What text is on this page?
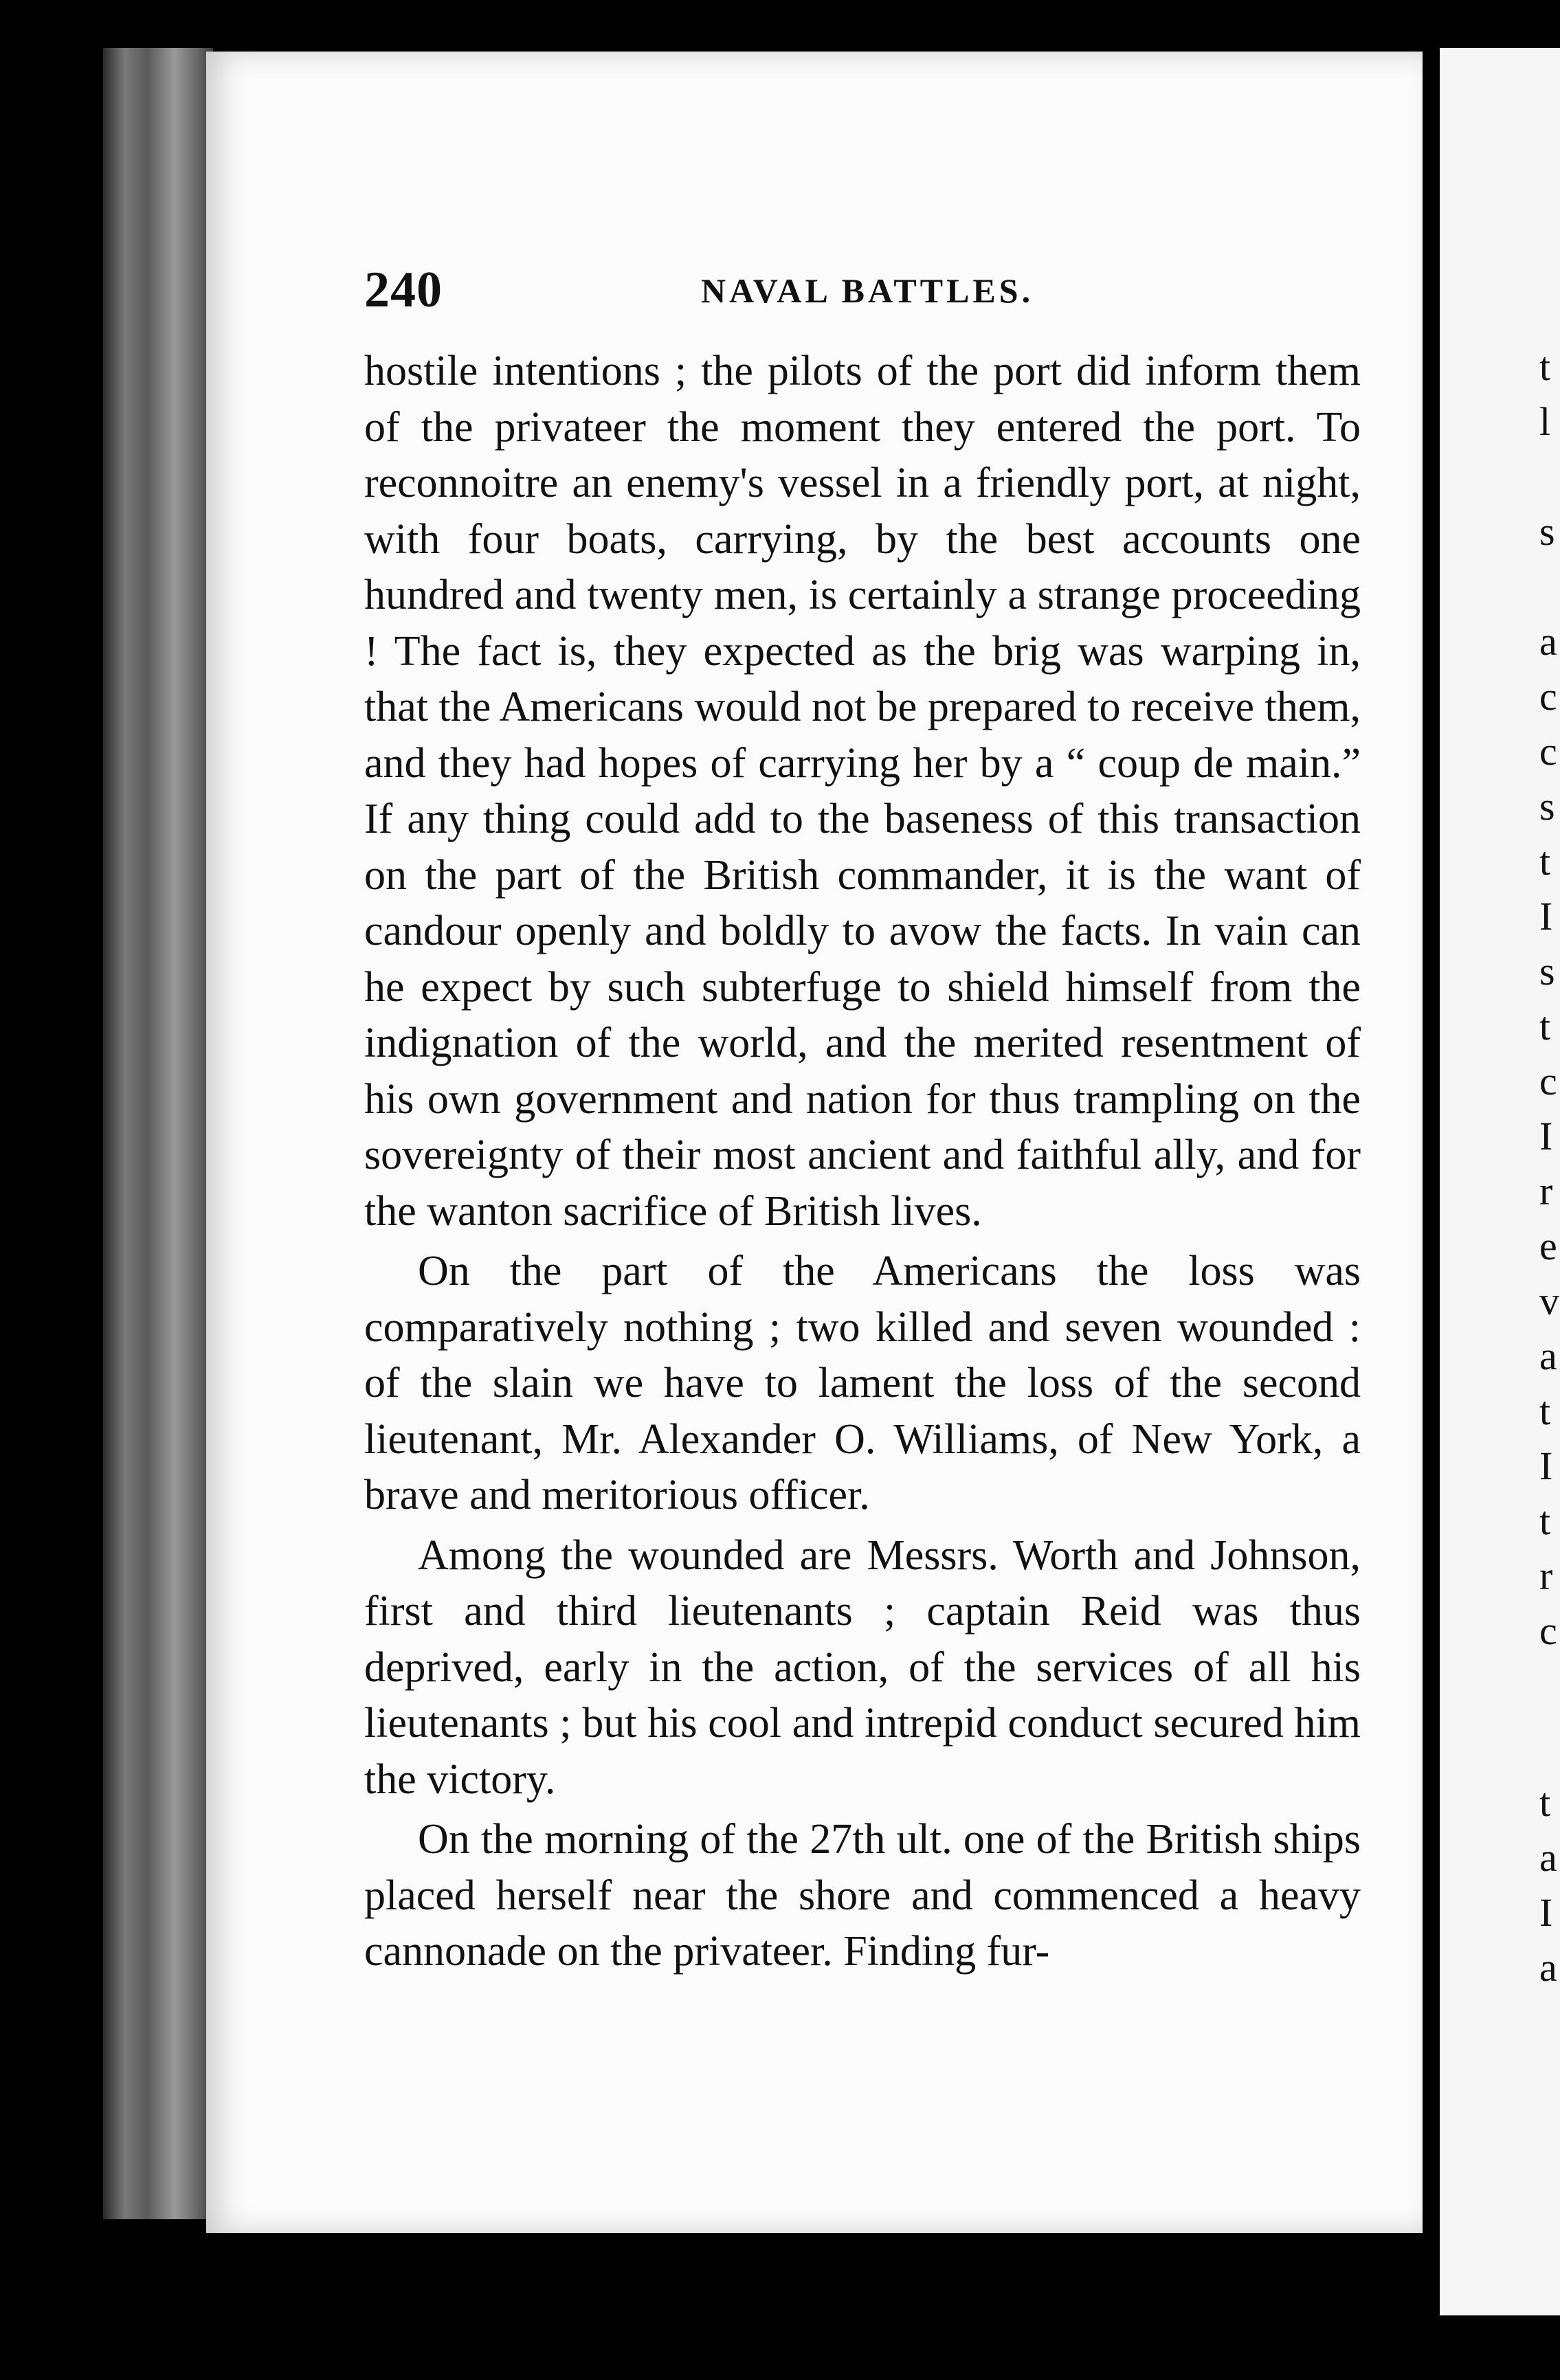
240	NAVAL BATTLES.

hostile intentions ; the pilots of the port did inform them of the privateer the moment they entered the port. To reconnoitre an enemy's vessel in a friendly port, at night, with four boats, carrying, by the best accounts one hundred and twenty men, is certainly a strange proceeding ! The fact is, they expected as the brig was warping in, that the Americans would not be prepared to receive them, and they had hopes of carrying her by a “ coup de main.” If any thing could add to the baseness of this transaction on the part of the British commander, it is the want of candour openly and boldly to avow the facts. In vain can he expect by such subterfuge to shield himself from the indignation of the world, and the merited resentment of his own government and nation for thus trampling on the sovereignty of their most ancient and faithful ally, and for the wanton sacrifice of British lives.

On the part of the Americans the loss was comparatively nothing ; two killed and seven wounded : of the slain we have to lament the loss of the second lieutenant, Mr. Alexander O. Williams, of New York, a brave and meritorious officer.

Among the wounded are Messrs. Worth and Johnson, first and third lieutenants ; captain Reid was thus deprived, early in the action, of the services of all his lieutenants ; but his cool and intrepid conduct secured him the victory.

On the morning of the 27th ult. one of the British ships placed herself near the shore and commenced a heavy cannonade on the privateer. Finding fur-

t
l
s
a
c
c
s
t
I
s
t
c
I
r
e
v
a
t
I
t
r
c
t
a
I
a
